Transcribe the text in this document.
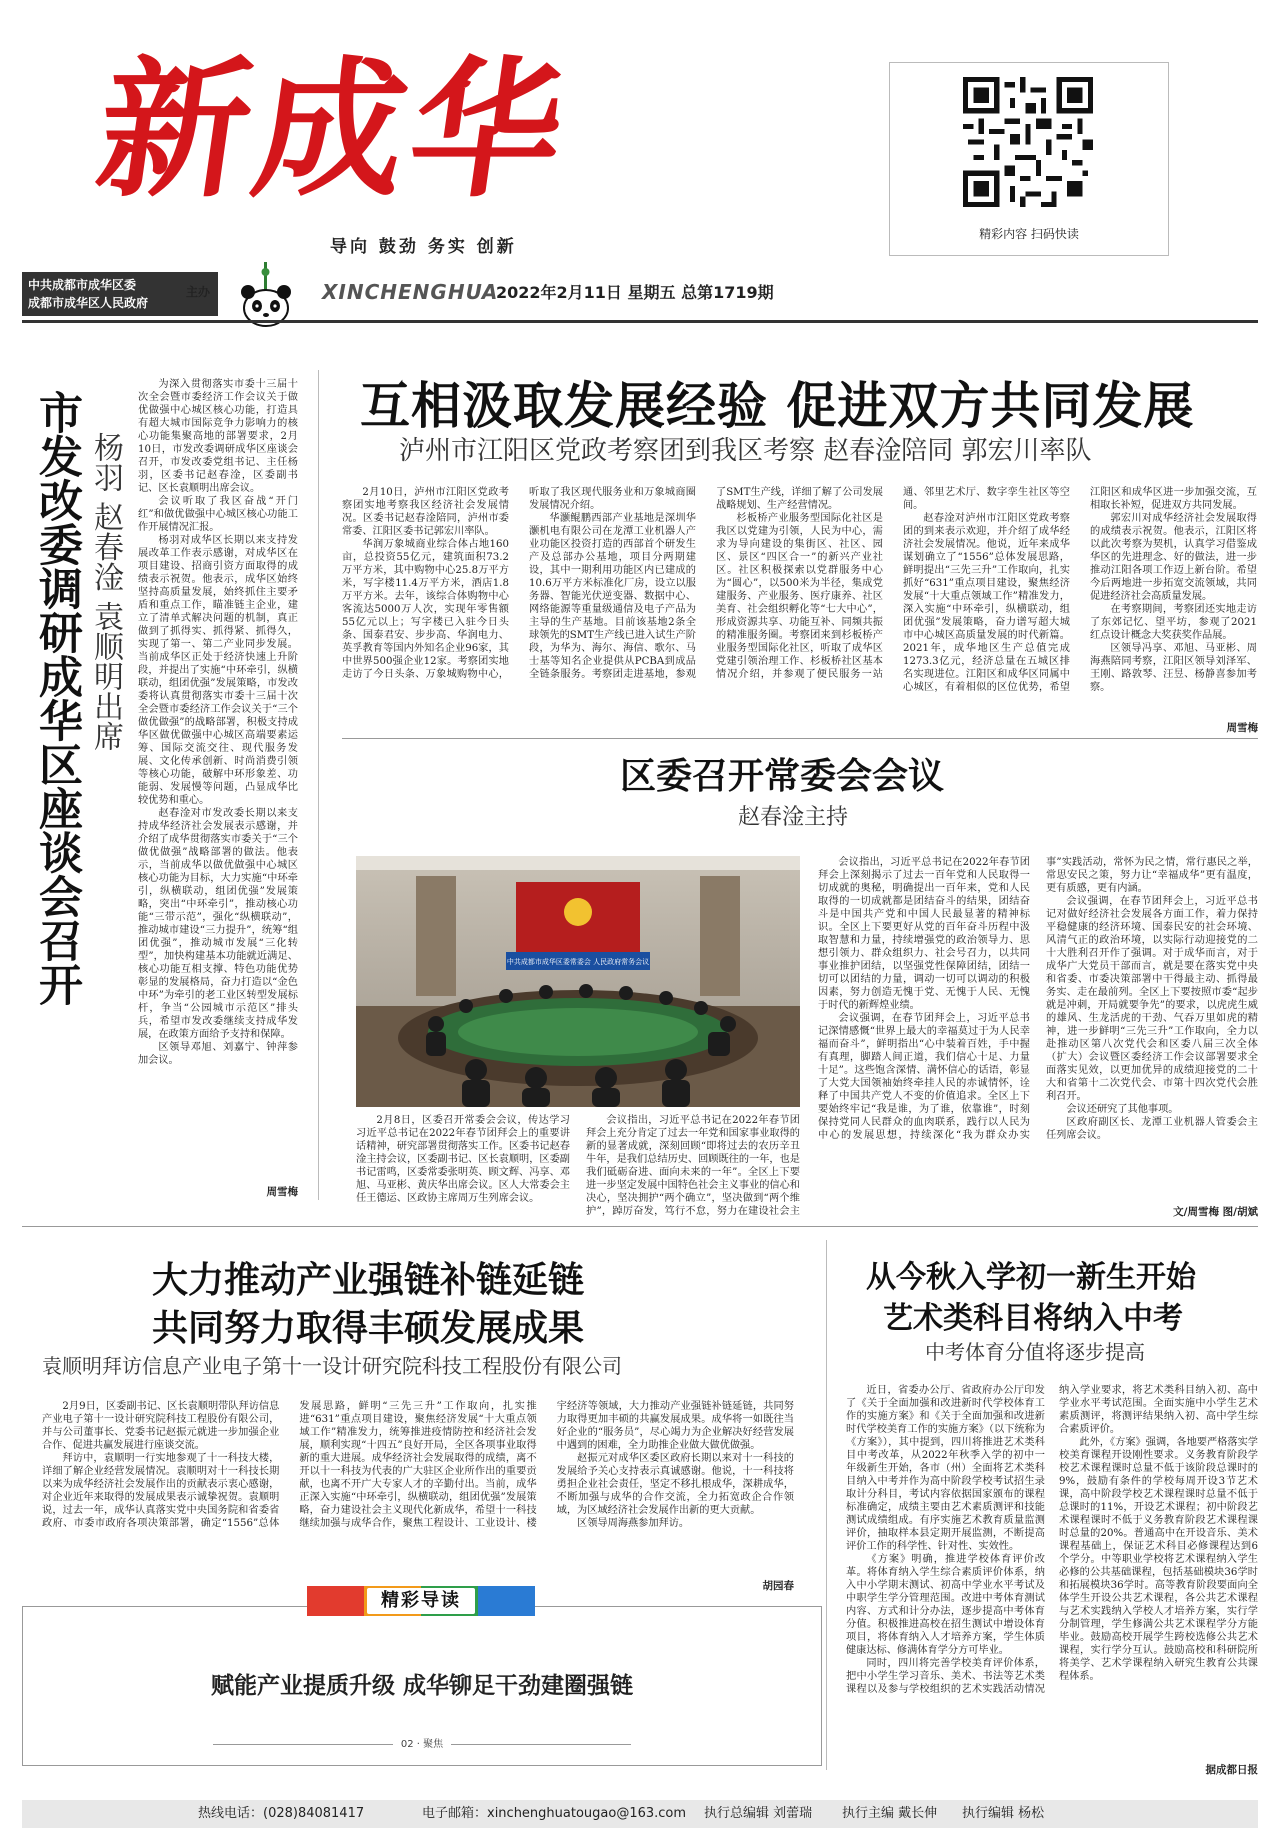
新成华
导向 鼓劲 务实 创新
精彩内容 扫码快读
中共成都市成华区委
成都市成华区人民政府
主办	XINCHENGHUA
2022年2月11日 星期五 总第1719期
市发改委调研成华区座谈会召开 杨羽 赵春淦 袁顺明出席

为深入贯彻落实市委十三届十次全会暨市委经济工作会议关于做优做强中心城区核心功能，打造具有超大城市国际竞争力影响力的核心功能集聚高地的部署要求，2月10日，市发改委调研成华区座谈会召开，市发改委党组书记、主任杨羽，区委书记赵春淦，区委副书记、区长袁顺明出席会议。

会议听取了我区奋战“开门红”和做优做强中心城区核心功能工作开展情况汇报。

杨羽对成华区长期以来支持发展改革工作表示感谢，对成华区在项目建设、招商引资方面取得的成绩表示祝贺。他表示，成华区始终坚持高质量发展，始终抓住主要矛盾和重点工作，瞄准链主企业，建立了清单式解决问题的机制，真正做到了抓得实、抓得紧、抓得久，实现了第一、第二产业同步发展。当前成华区正处于经济快速上升阶段，并提出了实施“中环牵引，纵横联动，组团优强”发展策略，市发改委将认真贯彻落实市委十三届十次全会暨市委经济工作会议关于“三个做优做强”的战略部署，积极支持成华区做优做强中心城区高端要素运筹、国际交流交往、现代服务发展、文化传承创新、时尚消费引领等核心功能，破解中环形象差、功能弱、发展慢等问题，凸显成华比较优势和重心。

赵春淦对市发改委长期以来支持成华经济社会发展表示感谢，并介绍了成华贯彻落实市委关于“三个做优做强”战略部署的做法。他表示，当前成华以做优做强中心城区核心功能为目标，大力实施“中环牵引，纵横联动，组团优强”发展策略，突出“中环牵引”，推动核心功能“三带示范”，强化“纵横联动”，推动城市建设“三力提升”，统筹“组团优强”，推动城市发展“三化转型”，加快构建基本功能就近满足、核心功能互相支撑、特色功能优势彰显的发展格局，奋力打造以“金色中环”为牵引的老工业区转型发展标杆，争当“公园城市示范区”排头兵，希望市发改委继续支持成华发展，在政策方面给予支持和保障。

区领导邓旭、刘嘉宁、钟萍参加会议。

周雪梅
互相汲取发展经验 促进双方共同发展
泸州市江阳区党政考察团到我区考察 赵春淦陪同 郭宏川率队

2月10日，泸州市江阳区党政考察团实地考察我区经济社会发展情况。区委书记赵春淦陪同，泸州市委常委、江阳区委书记郭宏川率队。

华润万象城商业综合体占地160亩，总投资55亿元，建筑面积73.2万平方米，其中购物中心25.8万平方米，写字楼11.4万平方米，酒店1.8万平方米。去年，该综合体购物中心客流达5000万人次，实现年零售额55亿元以上；写字楼已入驻今日头条、国泰君安、步步高、华润电力、英孚教育等国内外知名企业96家，其中世界500强企业12家。考察团实地走访了今日头条、万象城购物中心，听取了我区现代服务业和万象城商圈发展情况介绍。

华灏鲲鹏西部产业基地是深圳华灏机电有限公司在龙潭工业机器人产业功能区投资打造的西部首个研发生产及总部办公基地，项目分两期建设，其中一期利用功能区内已建成的10.6万平方米标准化厂房，设立以服务器、智能光伏逆变器、数据中心、网络能源等重量级通信及电子产品为主导的生产基地。目前该基地2条全球领先的SMT生产线已进入试生产阶段，为华为、海尔、海信、歌尔、马士基等知名企业提供从PCBA到成品全链条服务。考察团走进基地，参观了SMT生产线，详细了解了公司发展战略规划、生产经营情况。

杉板桥产业服务型国际化社区是我区以党建为引领，人民为中心，需求为导向建设的集街区、社区、园区、景区“四区合一”的新兴产业社区。社区积极探索以党群服务中心为“圆心”，以500米为半径，集成党建服务、产业服务、医疗康养、社区美育、社会组织孵化等“七大中心”，形成资源共享、功能互补、同频共振的精准服务圈。考察团来到杉板桥产业服务型国际化社区，听取了成华区党建引领治理工作、杉板桥社区基本情况介绍，并参观了便民服务一站通、邻里艺术厅、数字孪生社区等空间。

赵春淦对泸州市江阳区党政考察团的到来表示欢迎，并介绍了成华经济社会发展情况。他说，近年来成华谋划确立了“1556”总体发展思路，鲜明提出“三先三升”工作取向，扎实抓好“631”重点项目建设，聚焦经济发展“十大重点领域工作”精准发力，深入实施“中环牵引，纵横联动，组团优强”发展策略，奋力谱写超大城市中心城区高质量发展的时代新篇。2021年，成华地区生产总值完成1273.3亿元，经济总量在五城区排名实现进位。江阳区和成华区同属中心城区，有着相似的区位优势，希望江阳区和成华区进一步加强交流，互相取长补短，促进双方共同发展。

郭宏川对成华经济社会发展取得的成绩表示祝贺。他表示，江阳区将以此次考察为契机，认真学习借鉴成华区的先进理念、好的做法，进一步推动江阳各项工作迈上新台阶。希望今后两地进一步拓宽交流领域，共同促进经济社会高质量发展。

在考察期间，考察团还实地走访了东郊记忆、望平坊，参观了2021红点设计概念大奖获奖作品展。

区领导冯享、邓旭、马亚彬、周海燕陪同考察，江阳区领导刘泽军、王刚、路敦琴、汪昱、杨静喜参加考察。

周雪梅
区委召开常委会会议
赵春淦主持
中共成都市成华区委常委会 人民政府常务会议

2月8日，区委召开常委会会议，传达学习习近平总书记在2022年春节团拜会上的重要讲话精神，研究部署贯彻落实工作。区委书记赵春淦主持会议，区委副书记、区长袁顺明，区委副书记雷鸣，区委常委张明英、顾文辉、冯享、邓旭、马亚彬、黄庆华出席会议。区人大常委会主任王德运、区政协主席周万生列席会议。

会议指出，习近平总书记在2022年春节团拜会上充分肯定了过去一年党和国家事业取得的新的显著成就，深刻回顾“即将过去的农历辛丑牛年，是我们总结历史、回顾既往的一年，也是我们砥砺奋进、面向未来的一年”。全区上下要进一步坚定发展中国特色社会主义事业的信心和决心，坚决拥护“两个确立”，坚决做到“两个维护”，踔厉奋发，笃行不怠，努力在建设社会主

会议指出，习近平总书记在2022年春节团拜会上深刻揭示了过去一百年党和人民取得一切成就的奥秘，明确提出一百年来，党和人民取得的一切成就都是团结奋斗的结果，团结奋斗是中国共产党和中国人民最显著的精神标识。全区上下要更好从党的百年奋斗历程中汲取智慧和力量，持续增强党的政治领导力、思想引领力、群众组织力、社会号召力，以共同事业推护团结，以坚强党性保障团结，团结一切可以团结的力量，调动一切可以调动的积极因素，努力创造无愧于党、无愧于人民、无愧于时代的新辉煌业绩。

会议强调，在春节团拜会上，习近平总书记深情感慨“世界上最大的幸福莫过于为人民幸福而奋斗”，鲜明指出“心中装着百姓，手中握有真理，脚踏人间正道，我们信心十足、力量十足”。这些饱含深情、满怀信心的话语，彰显了大党大国领袖始终牵挂人民的赤诚情怀，诠释了中国共产党人不变的价值追求。全区上下要始终牢记“我是谁，为了谁，依靠谁”，时刻保持党同人民群众的血肉联系，践行以人民为中心的发展思想，持续深化“我为群众办实事”实践活动，常怀为民之情，常行惠民之举，常思安民之策，努力让“幸福成华”更有温度，更有质感，更有内涵。

会议强调，在春节团拜会上，习近平总书记对做好经济社会发展各方面工作，着力保持平稳健康的经济环境、国泰民安的社会环境、风清气正的政治环境，以实际行动迎接党的二十大胜利召开作了强调。对于成华而言，对于成华广大党员干部而言，就是要在落实党中央和省委、市委决策部署中干得最主动、抓得最务实、走在最前列。全区上下要按照市委“起步就是冲刺，开局就要争先”的要求，以虎虎生威的雄风、生龙活虎的干劲、气吞万里如虎的精神，进一步鲜明“三先三升”工作取向，全力以赴推动区第八次党代会和区委八届三次全体（扩大）会议暨区委经济工作会议部署要求全面落实见效，以更加优异的成绩迎接党的二十大和省第十二次党代会、市第十四次党代会胜利召开。

会议还研究了其他事项。

区政府副区长、龙潭工业机器人管委会主任列席会议。

文/周雪梅 图/胡斌
大力推动产业强链补链延链
共同努力取得丰硕发展成果
袁顺明拜访信息产业电子第十一设计研究院科技工程股份有限公司

2月9日，区委副书记、区长袁顺明带队拜访信息产业电子第十一设计研究院科技工程股份有限公司，并与公司董事长、党委书记赵振元就进一步加强企业合作、促进共赢发展进行座谈交流。

拜访中，袁顺明一行实地参观了十一科技大楼，详细了解企业经营发展情况。袁顺明对十一科技长期以来为成华经济社会发展作出的贡献表示衷心感谢，对企业近年来取得的发展成果表示诚挚祝贺。袁顺明说，过去一年，成华认真落实党中央国务院和省委省政府、市委市政府各项决策部署，确定“1556”总体发展思路，鲜明“三先三升”工作取向，扎实推进“631”重点项目建设，聚焦经济发展“十大重点领域工作”精准发力，统筹推进疫情防控和经济社会发展，顺利实现“十四五”良好开局，全区各项事业取得新的重大进展。成华经济社会发展取得的成绩，离不开以十一科技为代表的广大驻区企业所作出的重要贡献，也离不开广大专家人才的辛勤付出。当前，成华正深入实施“中环牵引，纵横联动，组团优强”发展策略，奋力建设社会主义现代化新成华，希望十一科技继续加强与成华合作，聚焦工程设计、工业设计、楼宇经济等领域，大力推动产业强链补链延链，共同努力取得更加丰硕的共赢发展成果。成华将一如既往当好企业的“服务员”，尽心竭力为企业解决好经营发展中遇到的困难，全力助推企业做大做优做强。

赵振元对成华区委区政府长期以来对十一科技的发展给予关心支持表示真诚感谢。他说，十一科技将勇担企业社会责任，坚定不移扎根成华，深耕成华，不断加强与成华的合作交流，全力拓宽政企合作领域，为区域经济社会发展作出新的更大贡献。

区领导周海燕参加拜访。

胡园春
精彩导读
赋能产业提质升级 成华铆足干劲建圈强链
02 · 聚焦
从今秋入学初一新生开始
艺术类科目将纳入中考
中考体育分值将逐步提高

近日，省委办公厅、省政府办公厅印发了《关于全面加强和改进新时代学校体育工作的实施方案》和《关于全面加强和改进新时代学校美育工作的实施方案》（以下统称为《方案》），其中提到，四川将推进艺术类科目中考改革，从2022年秋季入学的初中一年级新生开始，各市（州）全面将艺术类科目纳入中考并作为高中阶段学校考试招生录取计分科目，考试内容依据国家颁布的课程标准确定，成绩主要由艺术素质测评和技能测试成绩组成。有序实施艺术教育质量监测评价，抽取样本县定期开展监测，不断提高评价工作的科学性、针对性、实效性。

《方案》明确，推进学校体育评价改革。将体育纳入学生综合素质评价体系，纳入中小学期末测试、初高中学业水平考试及中职学生学分管理范围。改进中考体育测试内容、方式和计分办法，逐步提高中考体育分值。积极推进高校在招生测试中增设体育项目，将体育纳入人才培养方案，学生体质健康达标、修满体育学分方可毕业。

同时，四川将完善学校美育评价体系，把中小学生学习音乐、美术、书法等艺术类课程以及参与学校组织的艺术实践活动情况纳入学业要求，将艺术类科目纳入初、高中学业水平考试范围。全面实施中小学生艺术素质测评，将测评结果纳入初、高中学生综合素质评价。

此外，《方案》强调，各地要严格落实学校美育课程开设刚性要求。义务教育阶段学校艺术课程课时总量不低于该阶段总课时的9%，鼓励有条件的学校每周开设3节艺术课，高中阶段学校艺术课程课时总量不低于总课时的11%，开设艺术课程；初中阶段艺术课程课时不低于义务教育阶段艺术课程课时总量的20%。普通高中在开设音乐、美术课程基础上，保证艺术科目必修课程达到6个学分。中等职业学校将艺术课程纳入学生必修的公共基础课程，包括基础模块36学时和拓展模块36学时。高等教育阶段要面向全体学生开设公共艺术课程，各公共艺术课程与艺术实践纳入学校人才培养方案，实行学分制管理，学生修满公共艺术课程学分方能毕业。鼓励高校开展学生跨校选修公共艺术课程，实行学分互认。鼓励高校和科研院所将美学、艺术学课程纳入研究生教育公共课程体系。

据成都日报
热线电话：(028)84081417	电子邮箱：xinchenghuatougao@163.com 执行总编辑 刘蕾瑞 执行主编 戴长伸 执行编辑 杨松
